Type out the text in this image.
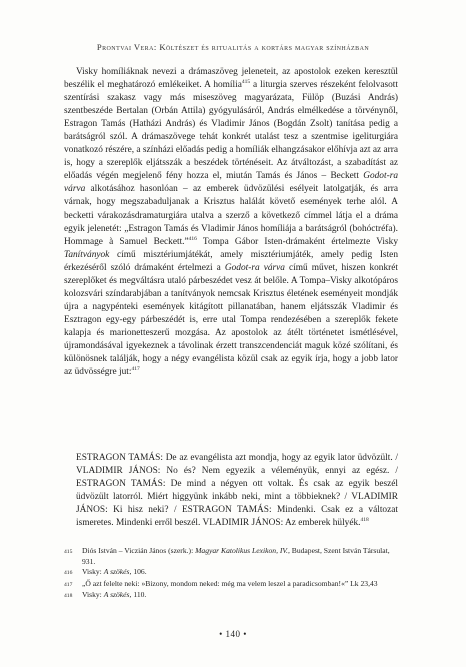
Prontvai Vera: Költészet és ritualitás a kortárs magyar színházban

Visky homíliáknak nevezi a drámaszöveg jeleneteit, az apostolok ezeken keresztül beszélik el meghatározó emlékeiket. A homília$^{415}$ a liturgia szerves részeként felolvasott szentírási szakasz vagy más miseszöveg magyarázata, Fülöp (Buzási András) szentbeszéde Bertalan (Orbán Attila) gyógyulásáról, András elmélkedése a törvénynől, Estragon Tamás (Hatházi András) és Vladimir János (Bogdán Zsolt) tanítása pedig a barátságról szól. A drámaszövege tehát konkrét utalást tesz a szentmise igeliturgiára vonatkozó részére, a színházi előadás pedig a homíliák elhangzásakor előhívja azt az arra is, hogy a szereplők eljátsszák a beszédek történéseit. Az átváltozást, a szabadítást az előadás végén megjelenő fény hozza el, miután Tamás és János – Beckett Godot-ra várva alkotásához hasonlóan – az emberek üdvözülési esélyeit latolgatják, és arra várnak, hogy megszabaduljanak a Krisztus halálát követő események terhe alól. A becketti várakozásdramaturgiára utalva a szerző a következő címmel látja el a dráma egyik jelenetét: „Estragon Tamás és Vladimir János homíliája a barátságról (bohóctréfa). Hommage à Samuel Beckett.”$^{416}$ Tompa Gábor Isten-drámaként értelmezte Visky Tanítványok című misztériumjátékát, amely misztériumjáték, amely pedig Isten érkezéséről szóló drámaként értelmezi a Godot-ra várva című művet, hiszen konkrét szereplőket és megváltásra utaló párbeszédet vesz át belőle. A Tompa–Visky alkotópáros kolozsvári színdarabjában a tanítványok nemcsak Krisztus életének eseményeit mondják újra a nagypénteki események kitágított pillanatában, hanem eljátsszák Vladimir és Esztragon egy-egy párbeszédét is, erre utal Tompa rendezésében a szereplők fekete kalapja és marionetteszerű mozgása. Az apostolok az átélt történetet ismétlésével, újramondásával igyekeznek a távolinak érzett transzcendenciát maguk közé szólítani, és különösnek találják, hogy a négy evangélista közül csak az egyik írja, hogy a jobb lator az üdvösségre jut:$^{417}$

ESTRAGON TAMÁS: De az evangélista azt mondja, hogy az egyik lator üdvözült. / VLADIMIR JÁNOS: No és? Nem egyezik a véleményük, ennyi az egész. / ESTRAGON TAMÁS: De mind a négyen ott voltak. És csak az egyik beszél üdvözült latorról. Miért higgyünk inkább neki, mint a többieknek? / VLADIMIR JÁNOS: Ki hisz neki? / ESTRAGON TAMÁS: Mindenki. Csak ez a változat ismeretes. Mindenki erről beszél. VLADIMIR JÁNOS: Az emberek hülyék.$^{418}$

415	Diós István – Viczián János (szerk.): Magyar Katolikus Lexikon, IV., Budapest, Szent István Társulat, 931.
416	Visky: A szökés, 106.
417	„Ő azt felelte neki: »Bizony, mondom neked: még ma velem leszel a paradicsomban!«” Lk 23,43
418	Visky: A szökés, 110.
• 140 •
